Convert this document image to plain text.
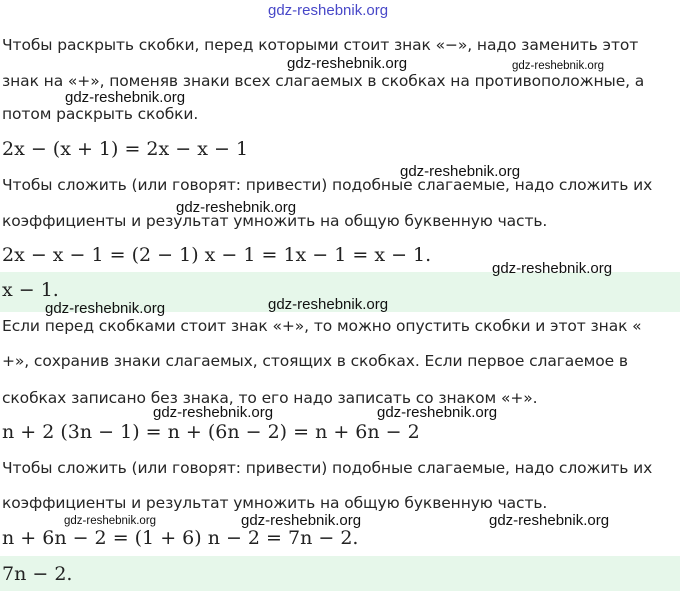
Чтобы раскрыть скобки, перед которыми стоит знак «−», надо заменить этот
знак на «+», поменяв знаки всех слагаемых в скобках на противоположные, а
потом раскрыть скобки.
2x − (x + 1) = 2x − x − 1
Чтобы сложить (или говорят: привести) подобные слагаемые, надо сложить их
коэффициенты и результат умножить на общую буквенную часть.
2x − x − 1 = (2 − 1) x − 1 = 1x − 1 = x − 1.
x − 1.
Если перед скобками стоит знак «+», то можно опустить скобки и этот знак «
+», сохранив знаки слагаемых, стоящих в скобках. Если первое слагаемое в
скобках записано без знака, то его надо записать со знаком «+».
n + 2 (3n − 1) = n + (6n − 2) = n + 6n − 2
Чтобы сложить (или говорят: привести) подобные слагаемые, надо сложить их
коэффициенты и результат умножить на общую буквенную часть.
n + 6n − 2 = (1 + 6) n − 2 = 7n − 2.
7n − 2.
gdz-reshebnik.org
gdz-reshebnik.org	gdz-reshebnik.org
gdz-reshebnik.org
gdz-reshebnik.org
gdz-reshebnik.org
gdz-reshebnik.org
gdz-reshebnik.org	gdz-reshebnik.org
gdz-reshebnik.org	gdz-reshebnik.org
gdz-reshebnik.org	gdz-reshebnik.org	gdz-reshebnik.org
